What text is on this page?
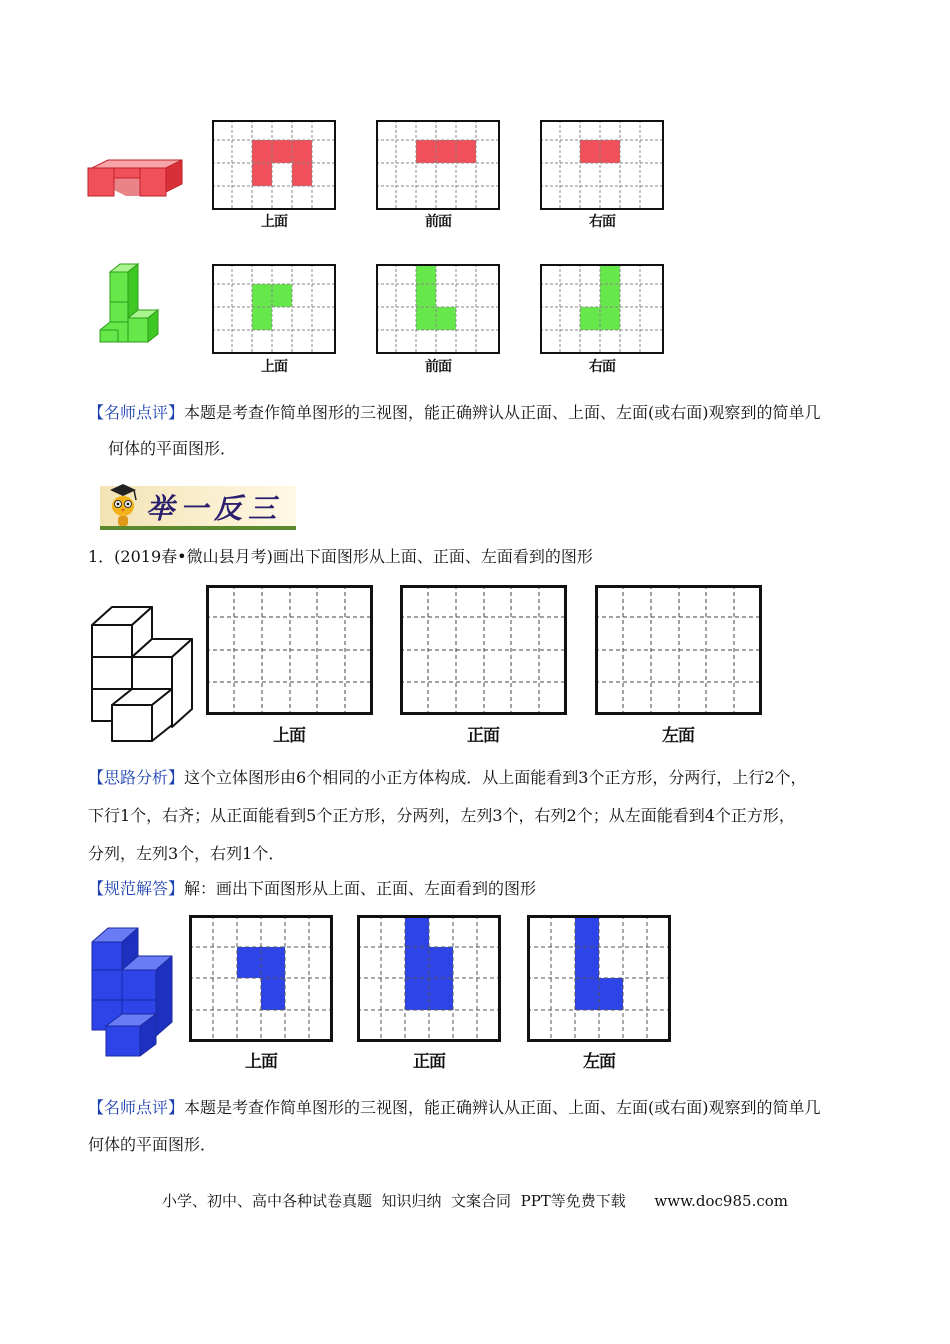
上面	前面	右面
上面	前面	右面
【名师点评】本题是考查作简单图形的三视图，能正确辨认从正面、上面、左面(或右面)观察到的简单几
何体的平面图形．
举一反三
1．(2019春•微山县月考)画出下面图形从上面、正面、左面看到的图形
上面	正面	左面
【思路分析】这个立体图形由6个相同的小正方体构成．从上面能看到3个正方形，分两行，上行2个，
下行1个，右齐；从正面能看到5个正方形，分两列，左列3个，右列2个；从左面能看到4个正方形，
分列，左列3个，右列1个．
【规范解答】解：画出下面图形从上面、正面、左面看到的图形
上面	正面	左面
【名师点评】本题是考查作简单图形的三视图，能正确辨认从正面、上面、左面(或右面)观察到的简单几
何体的平面图形．
小学、初中、高中各种试卷真题  知识归纳  文案合同  PPT等免费下载      www.doc985.com
